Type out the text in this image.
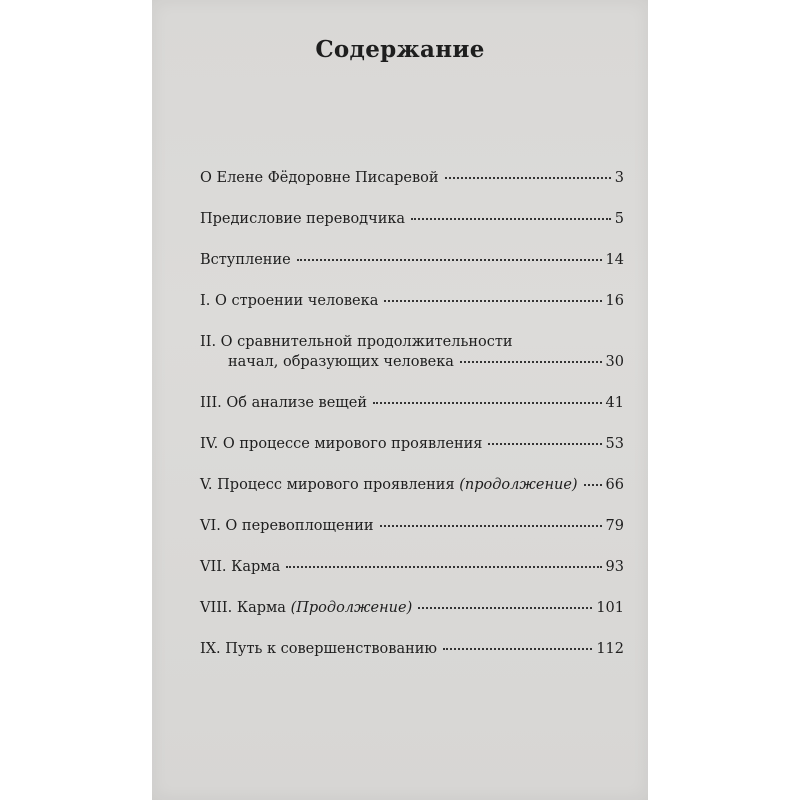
Содержание
О Елене Фёдоровне Писаревой	3
Предисловие переводчика	5
Вступление	14
I. О строении человека	16
II. О сравнительной продолжительности
начал, образующих человека	30
III. Об анализе вещей	41
IV. О процессе мирового проявления	53
V. Процесс мирового проявления (продолжение) 66
VI. О перевоплощении	79
VII. Карма	93
VIII. Карма (Продолжение)	101
IX. Путь к совершенствованию	112
